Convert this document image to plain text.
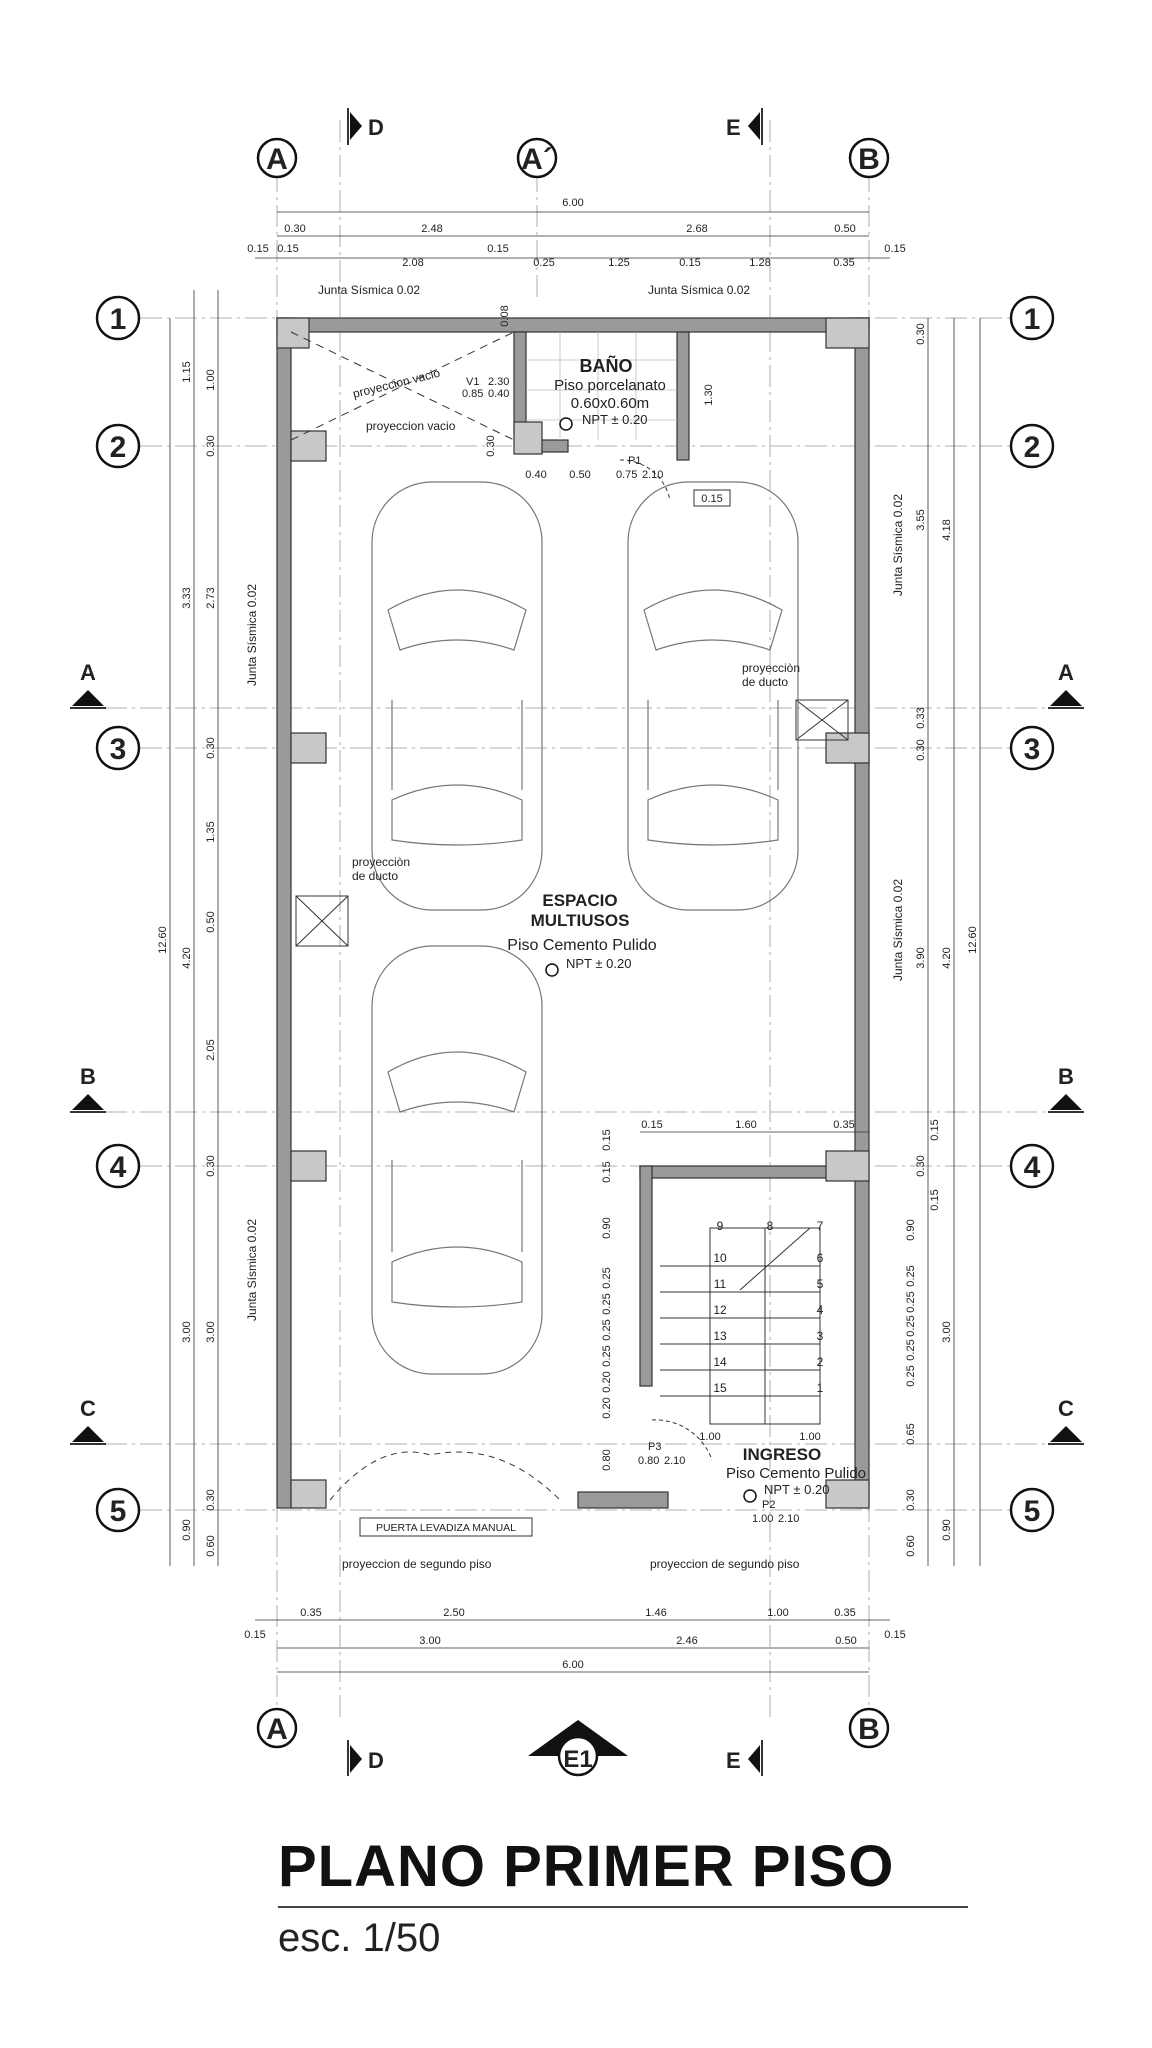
A	A´	B
A	B
D	E
D	E
E1
1
2
3
4
5
1
2
3
4
5
A	A
B	B
C	C
6.00
0.30	2.48	2.68	0.50
0.15 0.15
2.08
0.15
0.25	1.25	0.15	1.28	0.35
0.15
0.15
0.35	2.50	1.46	1.00	0.35
0.15
3.00	2.46	0.50
6.00
12.60
1.15
3.33
4.20
3.00
0.90
1.00
0.30
2.73
0.30
1.35
0.50
2.05
0.30
3.00
0.30
0.60
12.60
4.18
4.20
3.00
0.90
0.30
3.55
0.33
0.30
3.90
0.15
0.30
0.15
0.90
0.25
0.25
0.25
0.25
0.25
0.65
0.30
0.60
1
2
3
4
5
6
7
8
9
10
11
12
13
14
15
0.15	1.60	0.35
0.15
0.15
0.90
0.25
0.25
0.25
0.25
0.20
0.20
0.80
1.00	1.00
Junta Sísmica 0.02	Junta Sísmica 0.02
Junta Sísmica 0.02
Junta Sísmica 0.02
Junta Sísmica 0.02
Junta Sísmica 0.02
proyeccion vacio
proyeccion vacio
proyecciòn
de ducto
proyecciòn
de ducto
proyeccion de segundo piso	proyeccion de segundo piso
PUERTA LEVADIZA MANUAL
BAÑO
Piso porcelanato
0.60x0.60m
NPT ± 0.20
V1 2.30
0.85 0.40
0.40 0.50
1.30
0.08
0.30
0.15
ESPACIO
MULTIUSOS
Piso Cemento Pulido
NPT ± 0.20
INGRESO
Piso Cemento Pulido
NPT ± 0.20
P1
0.75 2.10
P2
1.00 2.10
P3
0.80 2.10
PLANO PRIMER PISO
esc. 1/50
